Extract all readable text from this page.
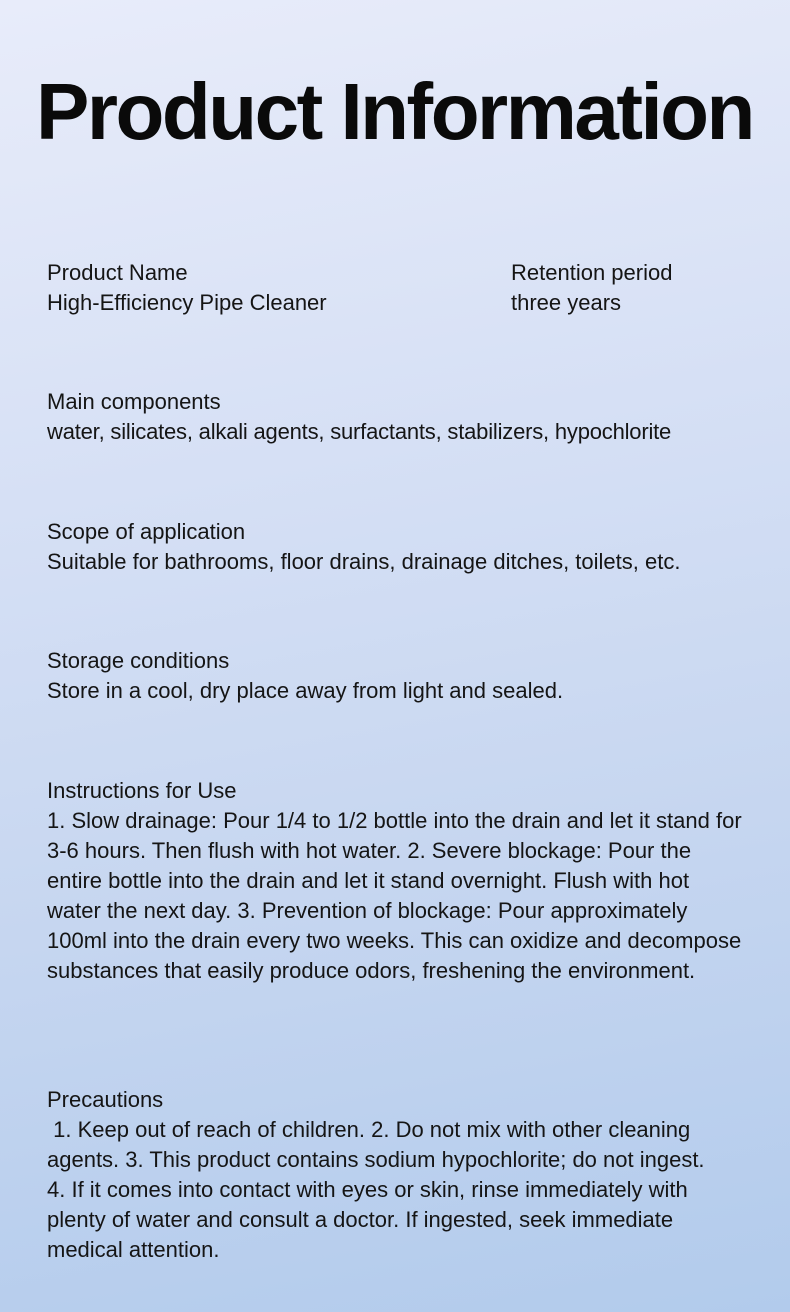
Product Information
Product Name
High-Efficiency Pipe Cleaner
Retention period
three years
Main components
water, silicates, alkali agents, surfactants, stabilizers, hypochlorite
Scope of application
Suitable for bathrooms, floor drains, drainage ditches, toilets, etc.
Storage conditions
Store in a cool, dry place away from light and sealed.
Instructions for Use
1. Slow drainage: Pour 1/4 to 1/2 bottle into the drain and let it stand for 3-6 hours. Then flush with hot water. 2. Severe blockage: Pour the entire bottle into the drain and let it stand overnight. Flush with hot water the next day. 3. Prevention of blockage: Pour approximately 100ml into the drain every two weeks. This can oxidize and decompose substances that easily produce odors, freshening the environment.
Precautions
1. Keep out of reach of children. 2. Do not mix with other cleaning agents. 3. This product contains sodium hypochlorite; do not ingest. 4. If it comes into contact with eyes or skin, rinse immediately with plenty of water and consult a doctor. If ingested, seek immediate medical attention.
